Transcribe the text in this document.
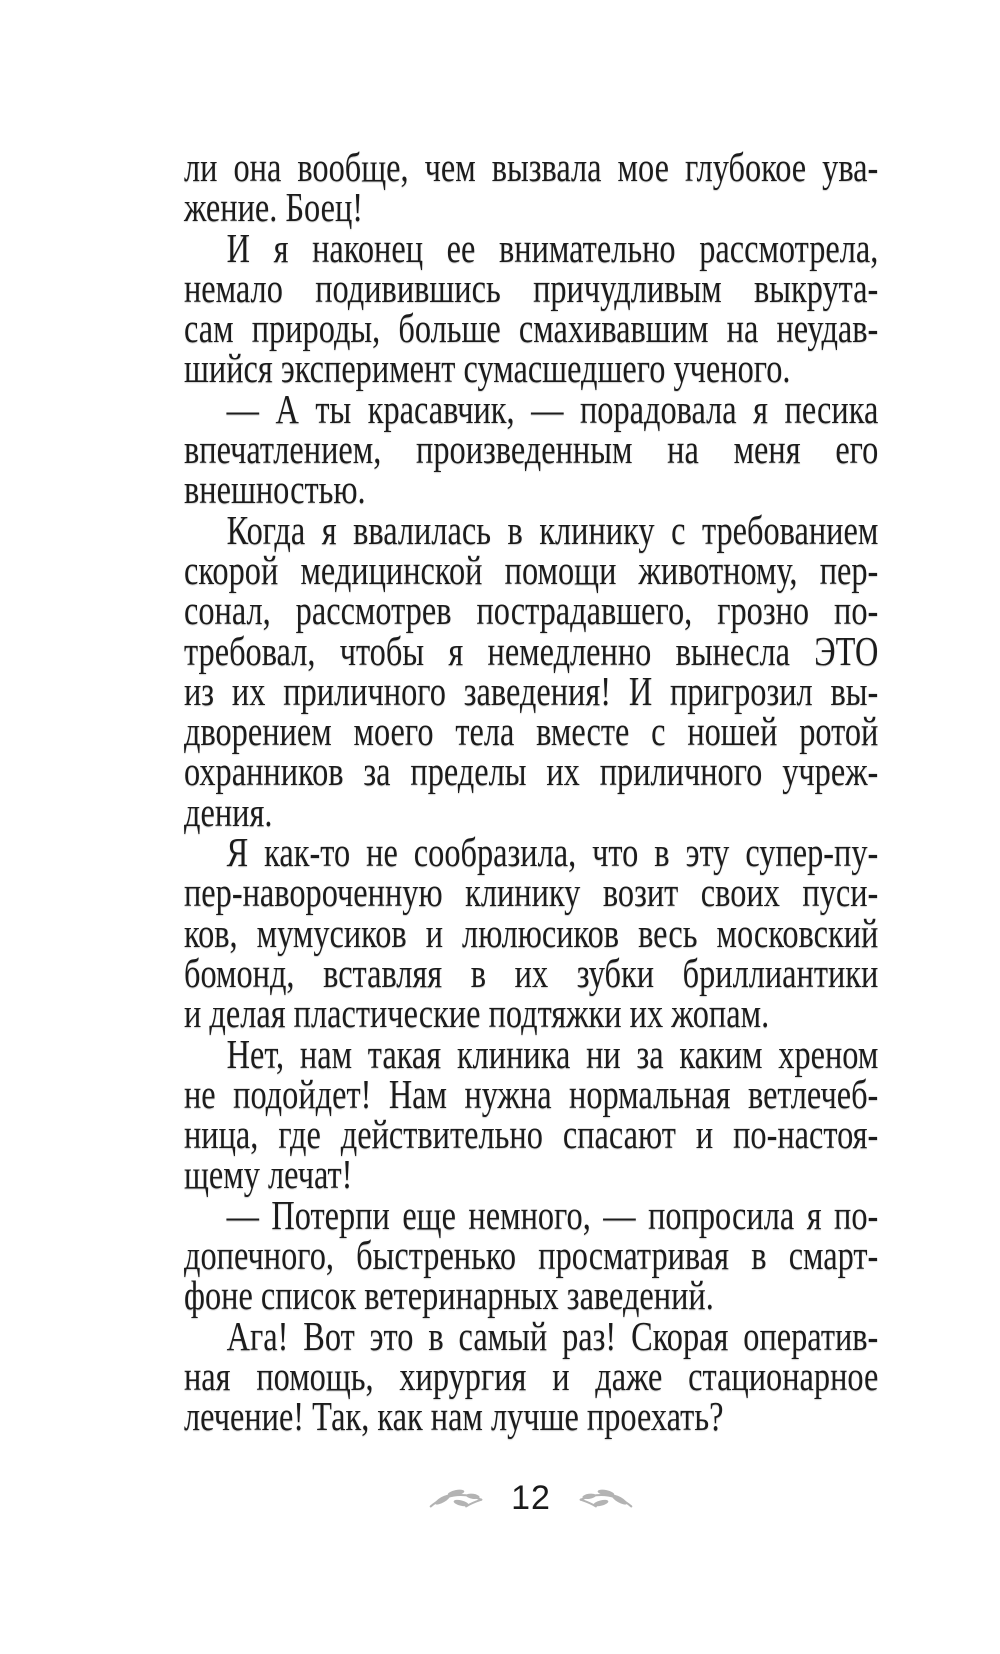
ли она вообще, чем вызвала мое глубокое ува-
жение. Боец!

И я наконец ее внимательно рассмотрела,
немало подивившись причудливым выкрута-
сам природы, больше смахивавшим на неудав-
шийся эксперимент сумасшедшего ученого.

— А ты красавчик, — порадовала я песика
впечатлением, произведенным на меня его
внешностью.

Когда я ввалилась в клинику с требованием
скорой медицинской помощи животному, пер-
сонал, рассмотрев пострадавшего, грозно по-
требовал, чтобы я немедленно вынесла ЭТО
из их приличного заведения! И пригрозил вы-
дворением моего тела вместе с ношей ротой
охранников за пределы их приличного учреж-
дения.

Я как-то не сообразила, что в эту супер-пу-
пер-навороченную клинику возит своих пуси-
ков, мумусиков и люлюсиков весь московский
бомонд, вставляя в их зубки бриллиантики
и делая пластические подтяжки их жопам.

Нет, нам такая клиника ни за каким хреном
не подойдет! Нам нужна нормальная ветлечеб-
ница, где действительно спасают и по-настоя-
щему лечат!

— Потерпи еще немного, — попросила я по-
допечного, быстренько просматривая в смарт-
фоне список ветеринарных заведений.

Ага! Вот это в самый раз! Скорая оператив-
ная помощь, хирургия и даже стационарное
лечение! Так, как нам лучше проехать?

12
